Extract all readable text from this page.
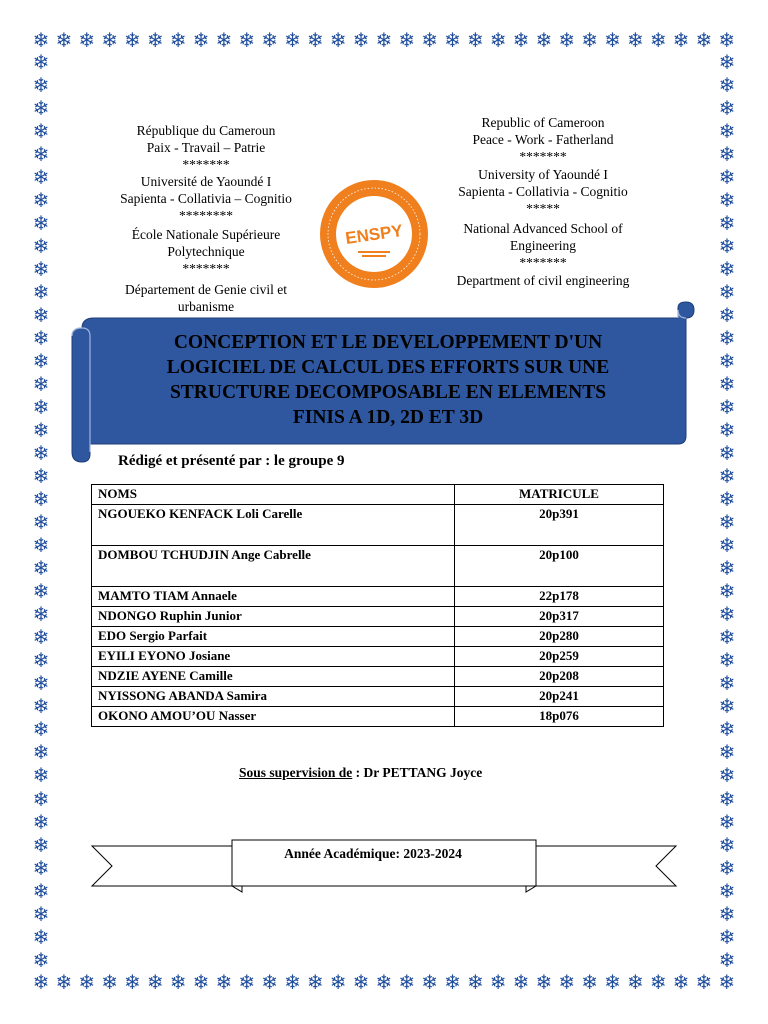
❄ ❄ ❄ ❄ ❄ ❄ ❄ ❄ ❄ ❄ ❄ ❄ ❄ ❄ ❄ ❄ ❄ ❄ ❄ ❄ ❄ ❄ ❄ ❄ ❄ ❄ ❄ ❄ ❄ ❄ ❄
❄ ❄ ❄ ❄ ❄ ❄ ❄ ❄ ❄ ❄ ❄ ❄ ❄ ❄ ❄ ❄ ❄ ❄ ❄ ❄ ❄ ❄ ❄ ❄ ❄ ❄ ❄ ❄ ❄ ❄ ❄
❄
❄
❄
❄
❄
❄
❄
❄
❄
❄
❄
❄
❄
❄
❄
❄
❄
❄
❄
❄
❄
❄
❄
❄
❄
❄
❄
❄
❄
❄
❄
❄
❄
❄
❄
❄
❄
❄
❄
❄
❄
❄
❄
❄
❄
❄
❄
❄
❄
❄
❄
❄
❄
❄
❄
❄
❄
❄
❄
❄
❄
❄
❄
❄
❄
❄
❄
❄
❄
❄
❄
❄
❄
❄
❄
❄
❄
❄
❄
❄
République du Cameroun
Paix - Travail – Patrie
*******
Université de Yaoundé I
Sapienta - Collativia – Cognitio
********
École Nationale Supérieure
Polytechnique
*******
Département de Genie civil et
urbanisme
ENSPY
Republic of Cameroon
Peace - Work - Fatherland
*******
University of Yaoundé I
Sapienta - Collativia - Cognitio
*****
National Advanced School of
Engineering
*******
Department of civil engineering
CONCEPTION ET LE DEVELOPPEMENT D'UN
LOGICIEL DE CALCUL DES EFFORTS SUR UNE
STRUCTURE DECOMPOSABLE EN ELEMENTS
FINIS A 1D, 2D ET 3D
Rédigé et présenté par : le groupe 9
NOMS	MATRICULE
NGOUEKO KENFACK Loli Carelle	20p391
DOMBOU TCHUDJIN Ange Cabrelle	20p100
MAMTO TIAM Annaele	22p178
NDONGO Ruphin Junior	20p317
EDO Sergio Parfait	20p280
EYILI EYONO Josiane	20p259
NDZIE AYENE Camille	20p208
NYISSONG ABANDA Samira	20p241
OKONO AMOU’OU Nasser	18p076
Sous supervision de : Dr PETTANG Joyce
Année Académique: 2023-2024
